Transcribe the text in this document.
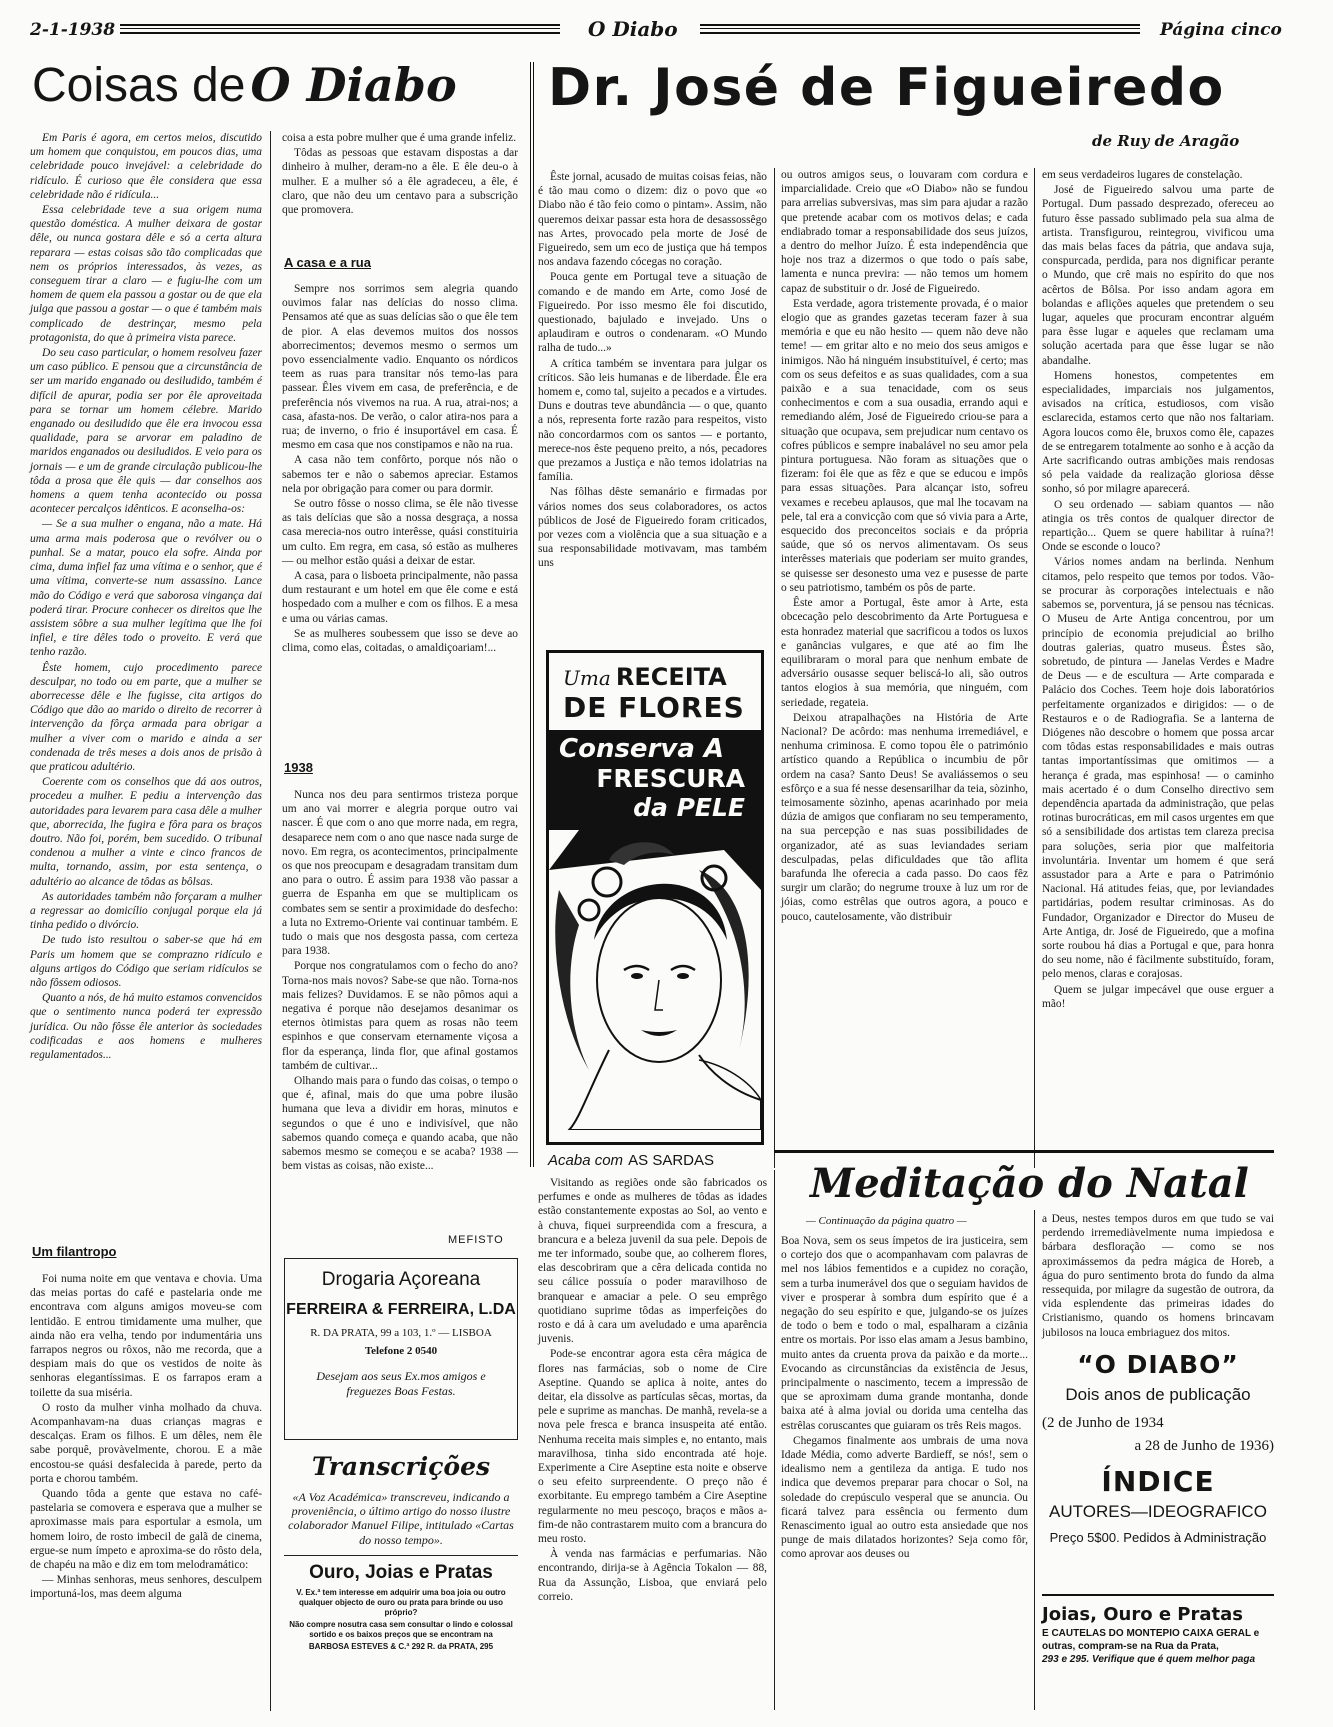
2-1-1938	O Diabo	Página cinco
Coisas de O Diabo

Em Paris é agora, em certos meios, discutido um homem que conquistou, em poucos dias, uma celebridade pouco invejável: a celebridade do ridículo. É curioso que êle considera que essa celebridade não é ridícula...

Essa celebridade teve a sua origem numa questão doméstica. A mulher deixara de gostar dêle, ou nunca gostara dêle e só a certa altura reparara — estas coisas são tão complicadas que nem os próprios interessados, às vezes, as conseguem tirar a claro — e fugiu-lhe com um homem de quem ela passou a gostar ou de que ela julga que passou a gostar — o que é também mais complicado de destrinçar, mesmo pela protagonista, do que à primeira vista parece.

Do seu caso particular, o homem resolveu fazer um caso público. E pensou que a circunstância de ser um marido enganado ou desiludido, também é difícil de apurar, podia ser por êle aproveitada para se tornar um homem célebre. Marido enganado ou desiludido que êle era invocou essa qualidade, para se arvorar em paladino de maridos enganados ou desiludidos. E veio para os jornais — e um de grande circulação publicou-lhe tôda a prosa que êle quis — dar conselhos aos homens a quem tenha acontecido ou possa acontecer percalços idênticos. E aconselha-os:

— Se a sua mulher o engana, não a mate. Há uma arma mais poderosa que o revólver ou o punhal. Se a matar, pouco ela sofre. Ainda por cima, duma infiel faz uma vítima e o senhor, que é uma vítima, converte-se num assassino. Lance mão do Código e verá que saborosa vingança dai poderá tirar. Procure conhecer os direitos que lhe assistem sôbre a sua mulher legítima que lhe foi infiel, e tire dêles todo o proveito. E verá que tenho razão.

Êste homem, cujo procedimento parece desculpar, no todo ou em parte, que a mulher se aborrecesse dêle e lhe fugisse, cita artigos do Código que dão ao marido o direito de recorrer à intervenção da fôrça armada para obrigar a mulher a viver com o marido e ainda a ser condenada de três meses a dois anos de prisão à que praticou adultério.

Coerente com os conselhos que dá aos outros, procedeu a mulher. E pediu a intervenção das autoridades para levarem para casa dêle a mulher que, aborrecida, lhe fugira e fôra para os braços doutro. Não foi, porém, bem sucedido. O tribunal condenou a mulher a vinte e cinco francos de multa, tornando, assim, por esta sentença, o adultério ao alcance de tôdas as bôlsas.

As autoridades também não forçaram a mulher a regressar ao domicílio conjugal porque ela já tinha pedido o divórcio.

De tudo isto resultou o saber-se que há em Paris um homem que se comprazno ridículo e alguns artigos do Código que seriam ridículos se não fôssem odiosos.

Quanto a nós, de há muito estamos convencidos que o sentimento nunca poderá ter expressão jurídica. Ou não fôsse êle anterior às sociedades codificadas e aos homens e mulheres regulamentados...

Um filantropo

Foi numa noite em que ventava e chovia. Uma das meias portas do café e pastelaria onde me encontrava com alguns amigos moveu-se com lentidão. E entrou timidamente uma mulher, que ainda não era velha, tendo por indumentária uns farrapos negros ou rôxos, não me recorda, que a despiam mais do que os vestidos de noite às senhoras elegantíssimas. E os farrapos eram a toilette da sua miséria.

O rosto da mulher vinha molhado da chuva. Acompanhavam-na duas crianças magras e descalças. Eram os filhos. E um dêles, nem êle sabe porquê, provàvelmente, chorou. E a mãe encostou-se quási desfalecida à parede, perto da porta e chorou também.

Quando tôda a gente que estava no café-pastelaria se comovera e esperava que a mulher se aproximasse mais para esportular a esmola, um homem loiro, de rosto imbecil de galã de cinema, ergue-se num ímpeto e aproxima-se do rôsto dela, de chapéu na mão e diz em tom melodramático:

— Minhas senhoras, meus senhores, desculpem importuná-los, mas deem alguma

coisa a esta pobre mulher que é uma grande infeliz.

Tôdas as pessoas que estavam dispostas a dar dinheiro à mulher, deram-no a êle. E êle deu-o à mulher. E a mulher só a êle agradeceu, a êle, é claro, que não deu um centavo para a subscrição que promovera.

A casa e a rua

Sempre nos sorrimos sem alegria quando ouvimos falar nas delícias do nosso clima. Pensamos até que as suas delícias são o que êle tem de pior. A elas devemos muitos dos nossos aborrecimentos; devemos mesmo o sermos um povo essencialmente vadio. Enquanto os nórdicos teem as ruas para transitar nós temo-las para passear. Êles vivem em casa, de preferência, e de preferência nós vivemos na rua. A rua, atrai-nos; a casa, afasta-nos. De verão, o calor atira-nos para a rua; de inverno, o frio é insuportável em casa. É mesmo em casa que nos constipamos e não na rua.

A casa não tem confôrto, porque nós não o sabemos ter e não o sabemos apreciar. Estamos nela por obrigação para comer ou para dormir.

Se outro fôsse o nosso clima, se êle não tivesse as tais delícias que são a nossa desgraça, a nossa casa merecia-nos outro interêsse, quási constituiria um culto. Em regra, em casa, só estão as mulheres — ou melhor estão quási a deixar de estar.

A casa, para o lisboeta principalmente, não passa dum restaurant e um hotel em que êle come e está hospedado com a mulher e com os filhos. E a mesa e uma ou várias camas.

Se as mulheres soubessem que isso se deve ao clima, como elas, coitadas, o amaldiçoariam!...

1938

Nunca nos deu para sentirmos tristeza porque um ano vai morrer e alegria porque outro vai nascer. É que com o ano que morre nada, em regra, desaparece nem com o ano que nasce nada surge de novo. Em regra, os acontecimentos, principalmente os que nos preocupam e desagradam transitam dum ano para o outro. É assim para 1938 vão passar a guerra de Espanha em que se multiplicam os combates sem se sentir a proximidade do desfecho: a luta no Extremo-Oriente vai continuar também. E tudo o mais que nos desgosta passa, com certeza para 1938.

Porque nos congratulamos com o fecho do ano? Torna-nos mais novos? Sabe-se que não. Torna-nos mais felizes? Duvidamos. E se não pômos aqui a negativa é porque não desejamos desanimar os eternos òtimistas para quem as rosas não teem espinhos e que conservam eternamente viçosa a flor da esperança, linda flor, que afinal gostamos também de cultivar...

Olhando mais para o fundo das coisas, o tempo o que é, afinal, mais do que uma pobre ilusão humana que leva a dividir em horas, minutos e segundos o que é uno e indivisível, que não sabemos quando começa e quando acaba, que não sabemos mesmo se começou e se acaba? 1938 — bem vistas as coisas, não existe...

MEFISTO
Drogaria Açoreana
FERREIRA & FERREIRA, L.DA
R. DA PRATA, 99 a 103, 1.º — LISBOA
Telefone 2 0540
Desejam aos seus Ex.mos amigos e freguezes Boas Festas.
Transcrições
«A Voz Académica» transcreveu, indicando a proveniência, o último artigo do nosso ilustre colaborador Manuel Filipe, intitulado «Cartas do nosso tempo».
Ouro, Joias e Pratas
V. Ex.ª tem interesse em adquirir uma boa joia ou outro qualquer objecto de ouro ou prata para brinde ou uso próprio?
Não compre nosutra casa sem consultar o lindo e colossal sortido e os baixos preços que se encontram na
BARBOSA ESTEVES & C.ª 292 R. da PRATA, 295
Dr. José de Figueiredo
de Ruy de Aragão

Êste jornal, acusado de muitas coisas feias, não é tão mau como o dizem: diz o povo que «o Diabo não é tão feio como o pintam». Assim, não queremos deixar passar esta hora de desassossêgo nas Artes, provocado pela morte de José de Figueiredo, sem um eco de justiça que há tempos nos andava fazendo cócegas no coração.

Pouca gente em Portugal teve a situação de comando e de mando em Arte, como José de Figueiredo. Por isso mesmo êle foi discutido, questionado, bajulado e invejado. Uns o aplaudiram e outros o condenaram. «O Mundo ralha de tudo...»

A crítica também se inventara para julgar os críticos. São leis humanas e de liberdade. Êle era homem e, como tal, sujeito a pecados e a virtudes. Duns e doutras teve abundância — o que, quanto a nós, representa forte razão para respeitos, visto não concordarmos com os santos — e portanto, merece-nos êste pequeno preito, a nós, pecadores que prezamos a Justiça e não temos idolatrias na família.

Nas fôlhas dêste semanário e firmadas por vários nomes dos seus colaboradores, os actos públicos de José de Figueiredo foram criticados, por vezes com a violência que a sua situação e a sua responsabilidade motivavam, mas também uns

ou outros amigos seus, o louvaram com cordura e imparcialidade. Creio que «O Diabo» não se fundou para arrelias subversivas, mas sim para ajudar a razão que pretende acabar com os motivos delas; e cada endiabrado tomar a responsabilidade dos seus juízos, a dentro do melhor Juízo. É esta independência que hoje nos traz a dizermos o que todo o país sabe, lamenta e nunca previra: — não temos um homem capaz de substituir o dr. José de Figueiredo.

Esta verdade, agora tristemente provada, é o maior elogio que as grandes gazetas teceram fazer à sua memória e que eu não hesito — quem não deve não teme! — em gritar alto e no meio dos seus amigos e inimigos. Não há ninguém insubstituível, é certo; mas com os seus defeitos e as suas qualidades, com a sua paixão e a sua tenacidade, com os seus conhecimentos e com a sua ousadia, errando aqui e remediando além, José de Figueiredo criou-se para a situação que ocupava, sem prejudicar num centavo os cofres públicos e sempre inabalável no seu amor pela pintura portuguesa. Não foram as situações que o fizeram: foi êle que as fêz e que se educou e impôs para essas situações. Para alcançar isto, sofreu vexames e recebeu aplausos, que mal lhe tocavam na pele, tal era a convicção com que só vivia para a Arte, esquecido dos preconceitos sociais e da própria saúde, que só os nervos alimentavam. Os seus interêsses materiais que poderiam ser muito grandes, se quisesse ser desonesto uma vez e pusesse de parte o seu patriotismo, também os pôs de parte.

Êste amor a Portugal, êste amor à Arte, esta obcecação pelo descobrimento da Arte Portuguesa e esta honradez material que sacrificou a todos os luxos e ganâncias vulgares, e que até ao fim lhe equilibraram o moral para que nenhum embate de adversário ousasse sequer beliscá-lo ali, são outros tantos elogios à sua memória, que ninguém, com seriedade, regateia.

Deixou atrapalhações na História de Arte Nacional? De acôrdo: mas nenhuma irremediável, e nenhuma criminosa. E como topou êle o património artístico quando a República o incumbiu de pôr ordem na casa? Santo Deus! Se avaliássemos o seu esfôrço e a sua fé nesse desensarilhar da teia, sòzinho, teimosamente sòzinho, apenas acarinhado por meia dúzia de amigos que confiaram no seu temperamento, na sua percepção e nas suas possibilidades de organizador, até as suas leviandades seriam desculpadas, pelas dificuldades que tão aflita barafunda lhe oferecia a cada passo. Do caos fêz surgir um clarão; do negrume trouxe à luz um ror de jóias, como estrêlas que outros agora, a pouco e pouco, cautelosamente, vão distribuir

em seus verdadeiros lugares de constelação.

José de Figueiredo salvou uma parte de Portugal. Dum passado desprezado, ofereceu ao futuro êsse passado sublimado pela sua alma de artista. Transfigurou, reintegrou, vivificou uma das mais belas faces da pátria, que andava suja, conspurcada, perdida, para nos dignificar perante o Mundo, que crê mais no espírito do que nos acêrtos de Bôlsa. Por isso andam agora em bolandas e aflições aqueles que pretendem o seu lugar, aqueles que procuram encontrar alguém para êsse lugar e aqueles que reclamam uma solução acertada para que êsse lugar se não abandalhe.

Homens honestos, competentes em especialidades, imparciais nos julgamentos, avisados na crítica, estudiosos, com visão esclarecida, estamos certo que não nos faltariam. Agora loucos como êle, bruxos como êle, capazes de se entregarem totalmente ao sonho e à acção da Arte sacrificando outras ambições mais rendosas só pela vaidade da realização gloriosa dêsse sonho, só por milagre aparecerá.

O seu ordenado — sabiam quantos — não atingia os três contos de qualquer director de repartição... Quem se quere habilitar à ruína?! Onde se esconde o louco?

Vários nomes andam na berlinda. Nenhum citamos, pelo respeito que temos por todos. Vão-se procurar às corporações intelectuais e não sabemos se, porventura, já se pensou nas técnicas. O Museu de Arte Antiga concentrou, por um princípio de economia prejudicial ao brilho doutras galerias, quatro museus. Êstes são, sobretudo, de pintura — Janelas Verdes e Madre de Deus — e de escultura — Arte comparada e Palácio dos Coches. Teem hoje dois laboratórios perfeitamente organizados e dirigidos: — o de Restauros e o de Radiografia. Se a lanterna de Diógenes não descobre o homem que possa arcar com tôdas estas responsabilidades e mais outras tantas importantíssimas que omitimos — a herança é grada, mas espinhosa! — o caminho mais acertado é o dum Conselho directivo sem dependência apartada da administração, que pelas rotinas burocráticas, em mil casos urgentes em que só a sensibilidade dos artistas tem clareza precisa para soluções, seria pior que malfeitoria involuntária. Inventar um homem é que será assustador para a Arte e para o Património Nacional. Há atitudes feias, que, por leviandades partidárias, podem resultar criminosas. As do Fundador, Organizador e Director do Museu de Arte Antiga, dr. José de Figueiredo, que a mofina sorte roubou há dias a Portugal e que, para honra do seu nome, não é fàcilmente substituído, foram, pelo menos, claras e corajosas.

Quem se julgar impecável que ouse erguer a mão!

Uma RECEITA
DE FLORES
Conserva A
FRESCURA
da PELE
Acaba com AS SARDAS

Visitando as regiões onde são fabricados os perfumes e onde as mulheres de tôdas as idades estão constantemente expostas ao Sol, ao vento e à chuva, fiquei surpreendida com a frescura, a brancura e a beleza juvenil da sua pele. Depois de me ter informado, soube que, ao colherem flores, elas descobriram que a cêra delicada contida no seu cálice possuía o poder maravilhoso de branquear e amaciar a pele. O seu emprêgo quotidiano suprime tôdas as imperfeições do rosto e dá à cara um aveludado e uma aparência juvenis.

Pode-se encontrar agora esta cêra mágica de flores nas farmácias, sob o nome de Cire Aseptine. Quando se aplica à noite, antes do deitar, ela dissolve as partículas sêcas, mortas, da pele e suprime as manchas. De manhã, revela-se a nova pele fresca e branca insuspeita até então. Nenhuma receita mais simples e, no entanto, mais maravilhosa, tinha sido encontrada até hoje. Experimente a Cire Aseptine esta noite e observe o seu efeito surpreendente. O preço não é exorbitante. Eu emprego também a Cire Aseptine regularmente no meu pescoço, braços e mãos a-fim-de não contrastarem muito com a brancura do meu rosto.

À venda nas farmácias e perfumarias. Não encontrando, dirija-se à Agência Tokalon — 88, Rua da Assunção, Lisboa, que enviará pelo correio.

Meditação do Natal
— Continuação da página quatro —

Boa Nova, sem os seus ímpetos de ira justiceira, sem o cortejo dos que o acompanhavam com palavras de mel nos lábios fementidos e a cupidez no coração, sem a turba inumerável dos que o seguiam havidos de viver e prosperar à sombra dum espírito que é a negação do seu espírito e que, julgando-se os juízes de todo o bem e todo o mal, espalharam a cizânia entre os mortais. Por isso elas amam a Jesus bambino, muito antes da cruenta prova da paixão e da morte... Evocando as circunstâncias da existência de Jesus, principalmente o nascimento, tecem a impressão de que se aproximam duma grande montanha, donde baixa até à alma jovial ou dorida uma centelha das estrêlas coruscantes que guiaram os três Reis magos.

Chegamos finalmente aos umbrais de uma nova Idade Média, como adverte Bardieff, se nós!, sem o idealismo nem a gentileza da antiga. E tudo nos indica que devemos preparar para chocar o Sol, na soledade do crepúsculo vesperal que se anuncia. Ou ficará talvez para essência ou fermento dum Renascimento igual ao outro esta ansiedade que nos punge de mais dilatados horizontes? Seja como fôr, como aprovar aos deuses ou

a Deus, nestes tempos duros em que tudo se vai perdendo irremediàvelmente numa impiedosa e bárbara desfloração — como se nos aproximássemos da pedra mágica de Horeb, a água do puro sentimento brota do fundo da alma ressequida, por milagre da sugestão de outrora, da vida esplendente das primeiras idades do Cristianismo, quando os homens brincavam jubilosos na louca embriaguez dos mitos.

“O DIABO”
Dois anos de publicação
(2 de Junho de 1934
a 28 de Junho de 1936)
ÍNDICE
AUTORES—IDEOGRAFICO
Preço 5$00. Pedidos à Administração
Joias, Ouro e Pratas
E CAUTELAS DO MONTEPIO CAIXA GERAL e outras, compram-se na Rua da Prata,
293 e 295. Verifique que é quem melhor paga
